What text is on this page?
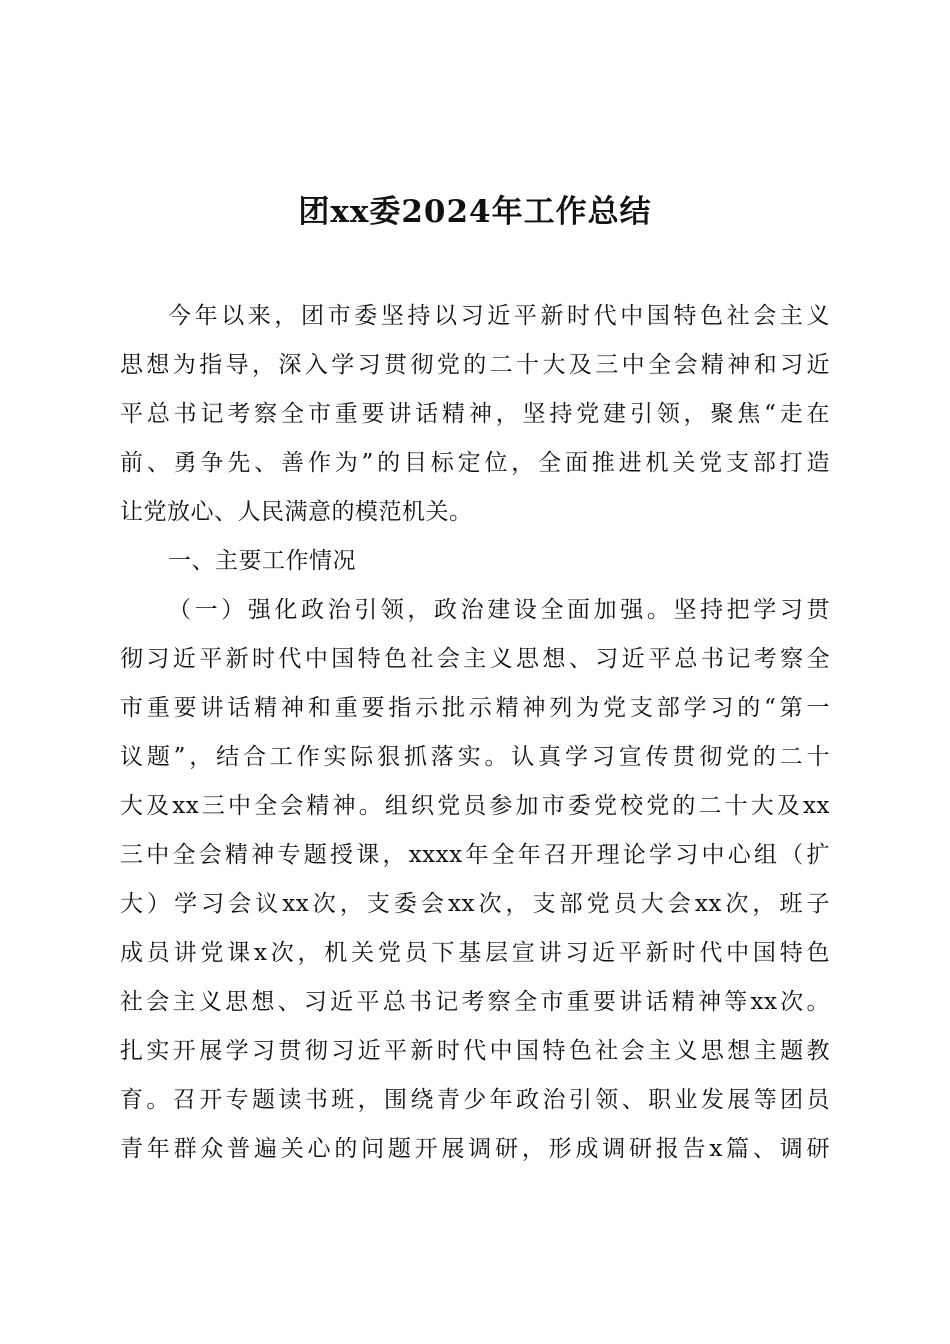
团xx委2024年工作总结
今年以来，团市委坚持以习近平新时代中国特色社会主义
思想为指导，深入学习贯彻党的二十大及三中全会精神和习近
平总书记考察全市重要讲话精神，坚持党建引领，聚焦“走在
前、勇争先、善作为”的目标定位，全面推进机关党支部打造
让党放心、人民满意的模范机关。
一、主要工作情况
（一）强化政治引领，政治建设全面加强。坚持把学习贯
彻习近平新时代中国特色社会主义思想、习近平总书记考察全
市重要讲话精神和重要指示批示精神列为党支部学习的“第一
议题”，结合工作实际狠抓落实。认真学习宣传贯彻党的二十
大及xx三中全会精神。组织党员参加市委党校党的二十大及xx
三中全会精神专题授课，xxxx年全年召开理论学习中心组（扩
大）学习会议xx次，支委会xx次，支部党员大会xx次，班子
成员讲党课x次，机关党员下基层宣讲习近平新时代中国特色
社会主义思想、习近平总书记考察全市重要讲话精神等xx次。
扎实开展学习贯彻习近平新时代中国特色社会主义思想主题教
育。召开专题读书班，围绕青少年政治引领、职业发展等团员
青年群众普遍关心的问题开展调研，形成调研报告x篇、调研
